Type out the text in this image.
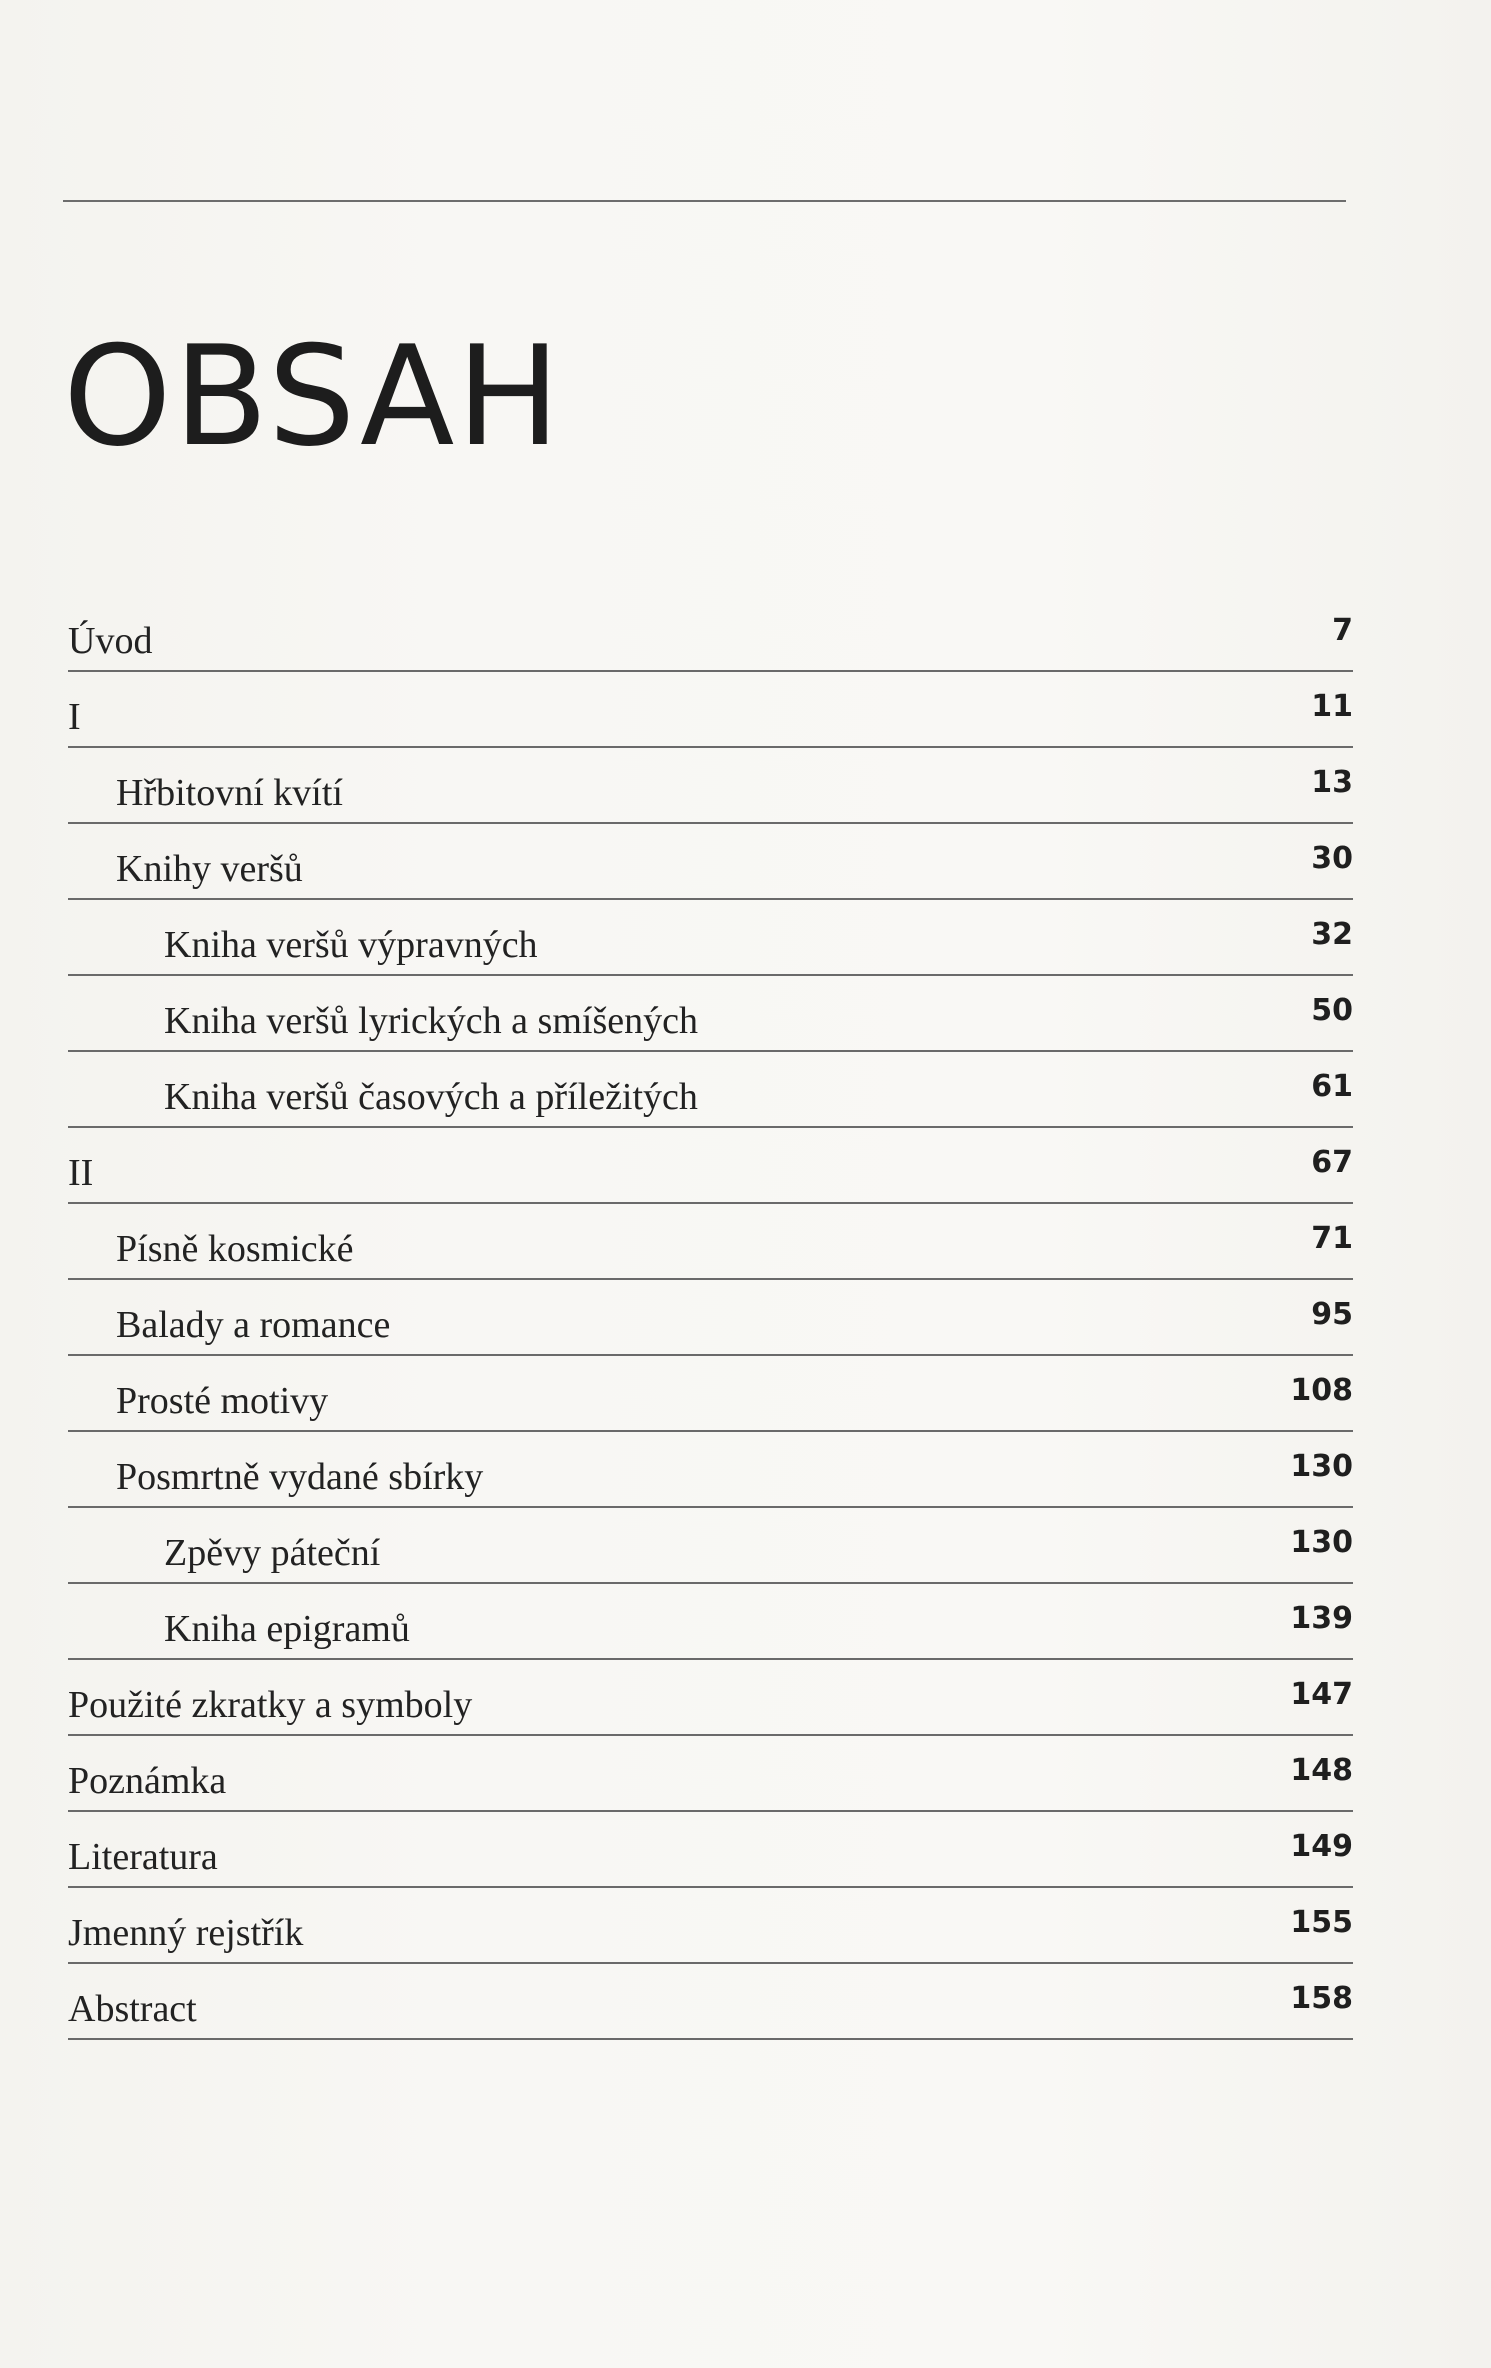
OBSAH
Úvod	7
I	11
Hřbitovní kvítí	13
Knihy veršů	30
Kniha veršů výpravných	32
Kniha veršů lyrických a smíšených	50
Kniha veršů časových a příležitých	61
II	67
Písně kosmické	71
Balady a romance	95
Prosté motivy	108
Posmrtně vydané sbírky	130
Zpěvy páteční	130
Kniha epigramů	139
Použité zkratky a symboly	147
Poznámka	148
Literatura	149
Jmenný rejstřík	155
Abstract	158
